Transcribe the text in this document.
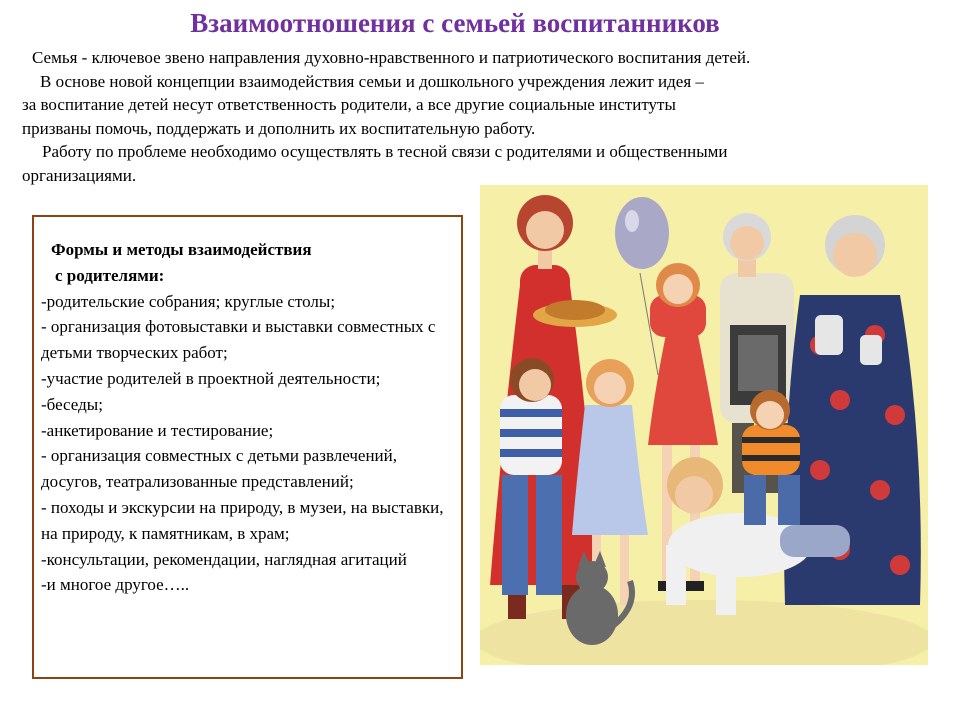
Взаимоотношения с семьей воспитанников

Семья - ключевое звено направления духовно-нравственного и патриотического воспитания детей.

В основе новой концепции взаимодействия семьи и дошкольного учреждения лежит идея –

за воспитание детей несут ответственность родители, а все другие социальные институты

призваны помочь, поддержать и дополнить их воспитательную работу.

Работу по проблеме необходимо осуществлять в тесной связи с родителями и общественными

организациями.

Формы и методы взаимодействия
с родителями:

-родительские собрания; круглые столы;
- организация фотовыставки и выставки совместных с детьми творческих работ;
-участие родителей в проектной деятельности;
-беседы;
-анкетирование и тестирование;
- организация совместных с детьми развлечений, досугов, театрализованные представлений;
- походы и экскурсии на природу, в музеи, на выставки, на природу, к памятникам, в храм;
-консультации, рекомендации, наглядная агитаций
-и многое другое…..
